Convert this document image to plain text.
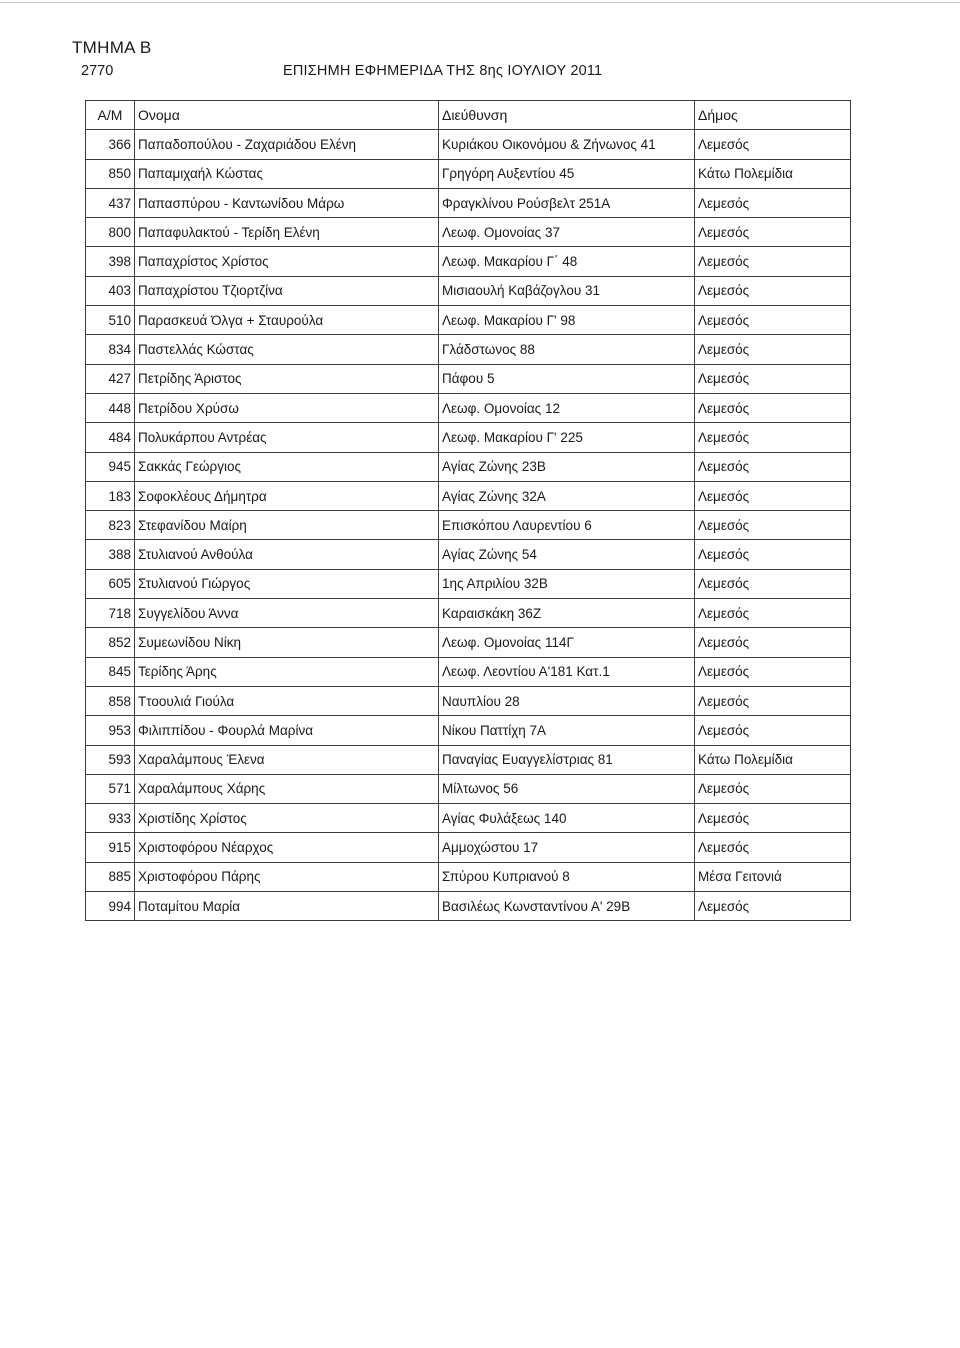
ΤΜΗΜΑ Β
2770	ΕΠΙΣΗΜΗ ΕΦΗΜΕΡΙΔΑ ΤΗΣ 8ης ΙΟΥΛΙΟΥ 2011
Α/Μ	Ονομα	Διεύθυνση	Δήμος
366	Παπαδοπούλου - Ζαχαριάδου Ελένη	Κυριάκου Οικονόμου & Ζήνωνος 41	Λεμεσός
850	Παπαμιχαήλ Κώστας	Γρηγόρη Αυξεντίου 45	Κάτω Πολεμίδια
437	Παπασπύρου - Καντωνίδου Μάρω	Φραγκλίνου Ρούσβελτ 251Α	Λεμεσός
800	Παπαφυλακτού - Τερίδη Ελένη	Λεωφ. Ομονοίας 37	Λεμεσός
398	Παπαχρίστος Χρίστος	Λεωφ. Μακαρίου Γ΄ 48	Λεμεσός
403	Παπαχρίστου Τζιορτζίνα	Μισιαουλή Καβάζογλου 31	Λεμεσός
510	Παρασκευά Όλγα + Σταυρούλα	Λεωφ. Μακαρίου Γ' 98	Λεμεσός
834	Παστελλάς Κώστας	Γλάδστωνος 88	Λεμεσός
427	Πετρίδης Άριστος	Πάφου 5	Λεμεσός
448	Πετρίδου Χρύσω	Λεωφ. Ομονοίας 12	Λεμεσός
484	Πολυκάρπου Αντρέας	Λεωφ. Μακαρίου Γ' 225	Λεμεσός
945	Σακκάς Γεώργιος	Αγίας Ζώνης 23Β	Λεμεσός
183	Σοφοκλέους Δήμητρα	Αγίας Ζώνης 32Α	Λεμεσός
823	Στεφανίδου Μαίρη	Επισκόπου Λαυρεντίου 6	Λεμεσός
388	Στυλιανού Ανθούλα	Αγίας Ζώνης 54	Λεμεσός
605	Στυλιανού Γιώργος	1ης Απριλίου 32Β	Λεμεσός
718	Συγγελίδου Άννα	Καραισκάκη 36Ζ	Λεμεσός
852	Συμεωνίδου Νίκη	Λεωφ. Ομονοίας 114Γ	Λεμεσός
845	Τερίδης Άρης	Λεωφ. Λεοντίου Α'181 Κατ.1	Λεμεσός
858	Ττοουλιά Γιούλα	Ναυπλίου 28	Λεμεσός
953	Φιλιππίδου - Φουρλά Μαρίνα	Νίκου Παττίχη 7Α	Λεμεσός
593	Χαραλάμπους Έλενα	Παναγίας Ευαγγελίστριας 81	Κάτω Πολεμίδια
571	Χαραλάμπους Χάρης	Μίλτωνος 56	Λεμεσός
933	Χριστίδης Χρίστος	Αγίας Φυλάξεως 140	Λεμεσός
915	Χριστοφόρου Νέαρχος	Αμμοχώστου 17	Λεμεσός
885	Χριστοφόρου Πάρης	Σπύρου Κυπριανού 8	Μέσα Γειτονιά
994	Ποταμίτου Μαρία	Βασιλέως Κωνσταντίνου Α' 29Β	Λεμεσός
